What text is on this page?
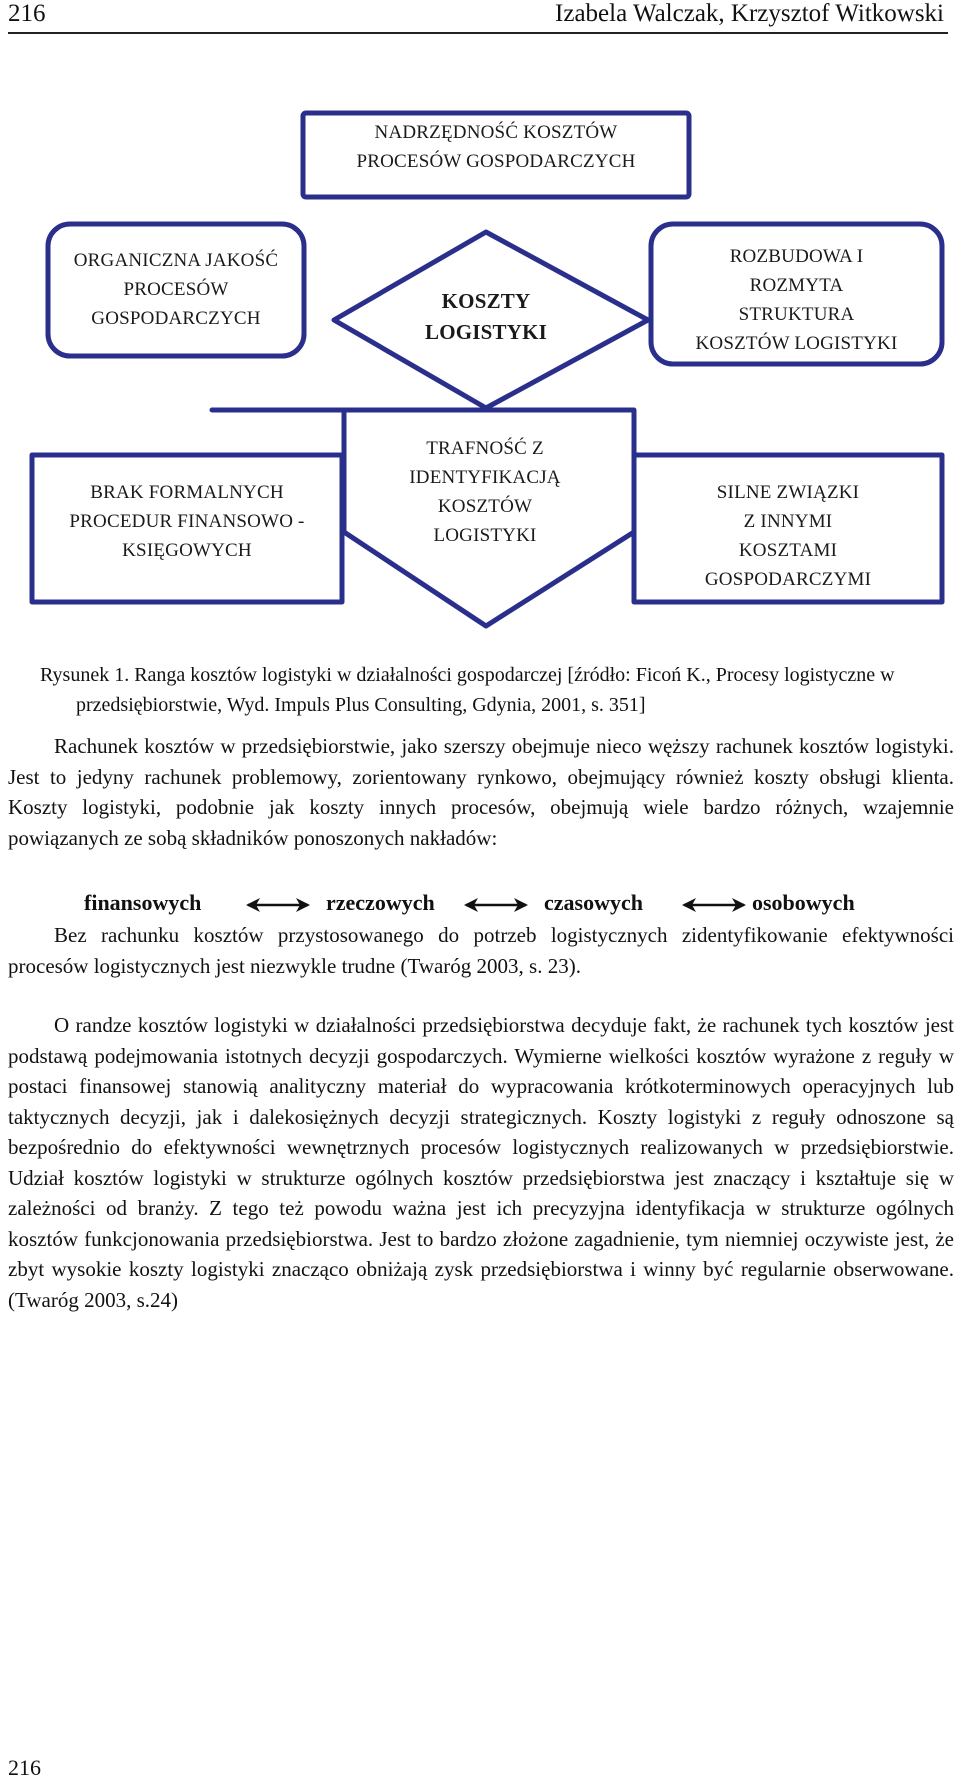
216	Izabela Walczak, Krzysztof Witkowski
NADRZĘDNOŚĆ KOSZTÓW
PROCESÓW GOSPODARCZYCH
ORGANICZNA JAKOŚĆ
PROCESÓW
GOSPODARCZYCH
KOSZTY
LOGISTYKI
ROZBUDOWA I
ROZMYTA
STRUKTURA
KOSZTÓW LOGISTYKI
BRAK FORMALNYCH
PROCEDUR FINANSOWO -
KSIĘGOWYCH
TRAFNOŚĆ Z
IDENTYFIKACJĄ
KOSZTÓW
LOGISTYKI
SILNE ZWIĄZKI
Z INNYMI
KOSZTAMI
GOSPODARCZYMI
Rysunek 1. Ranga kosztów logistyki w działalności gospodarczej [źródło: Ficoń K., Procesy logistyczne w przedsiębiorstwie, Wyd. Impuls Plus Consulting, Gdynia, 2001, s. 351]
Rachunek kosztów w przedsiębiorstwie, jako szerszy obejmuje nieco węższy rachunek kosztów logistyki. Jest to jedyny rachunek problemowy, zorientowany rynkowo, obejmujący również koszty obsługi klienta. Koszty logistyki, podobnie jak koszty innych procesów, obejmują wiele bardzo różnych, wzajemnie powiązanych ze sobą składników ponoszonych nakładów:
finansowych	rzeczowych	czasowych	osobowych
Bez rachunku kosztów przystosowanego do potrzeb logistycznych zidentyfikowanie efektywności procesów logistycznych jest niezwykle trudne (Twaróg 2003, s. 23).
O randze kosztów logistyki w działalności przedsiębiorstwa decyduje fakt, że rachunek tych kosztów jest podstawą podejmowania istotnych decyzji gospodarczych. Wymierne wielkości kosztów wyrażone z reguły w postaci finansowej stanowią analityczny materiał do wypracowania krótkoterminowych operacyjnych lub taktycznych decyzji, jak i dalekosiężnych decyzji strategicznych. Koszty logistyki z reguły odnoszone są bezpośrednio do efektywności wewnętrznych procesów logistycznych realizowanych w przedsiębiorstwie. Udział kosztów logistyki w strukturze ogólnych kosztów przedsiębiorstwa jest znaczący i kształtuje się w zależności od branży. Z tego też powodu ważna jest ich precyzyjna identyfikacja w strukturze ogólnych kosztów funkcjonowania przedsiębiorstwa. Jest to bardzo złożone zagadnienie, tym niemniej oczywiste jest, że zbyt wysokie koszty logistyki znacząco obniżają zysk przedsiębiorstwa i winny być regularnie obserwowane.(Twaróg 2003, s.24)
216
